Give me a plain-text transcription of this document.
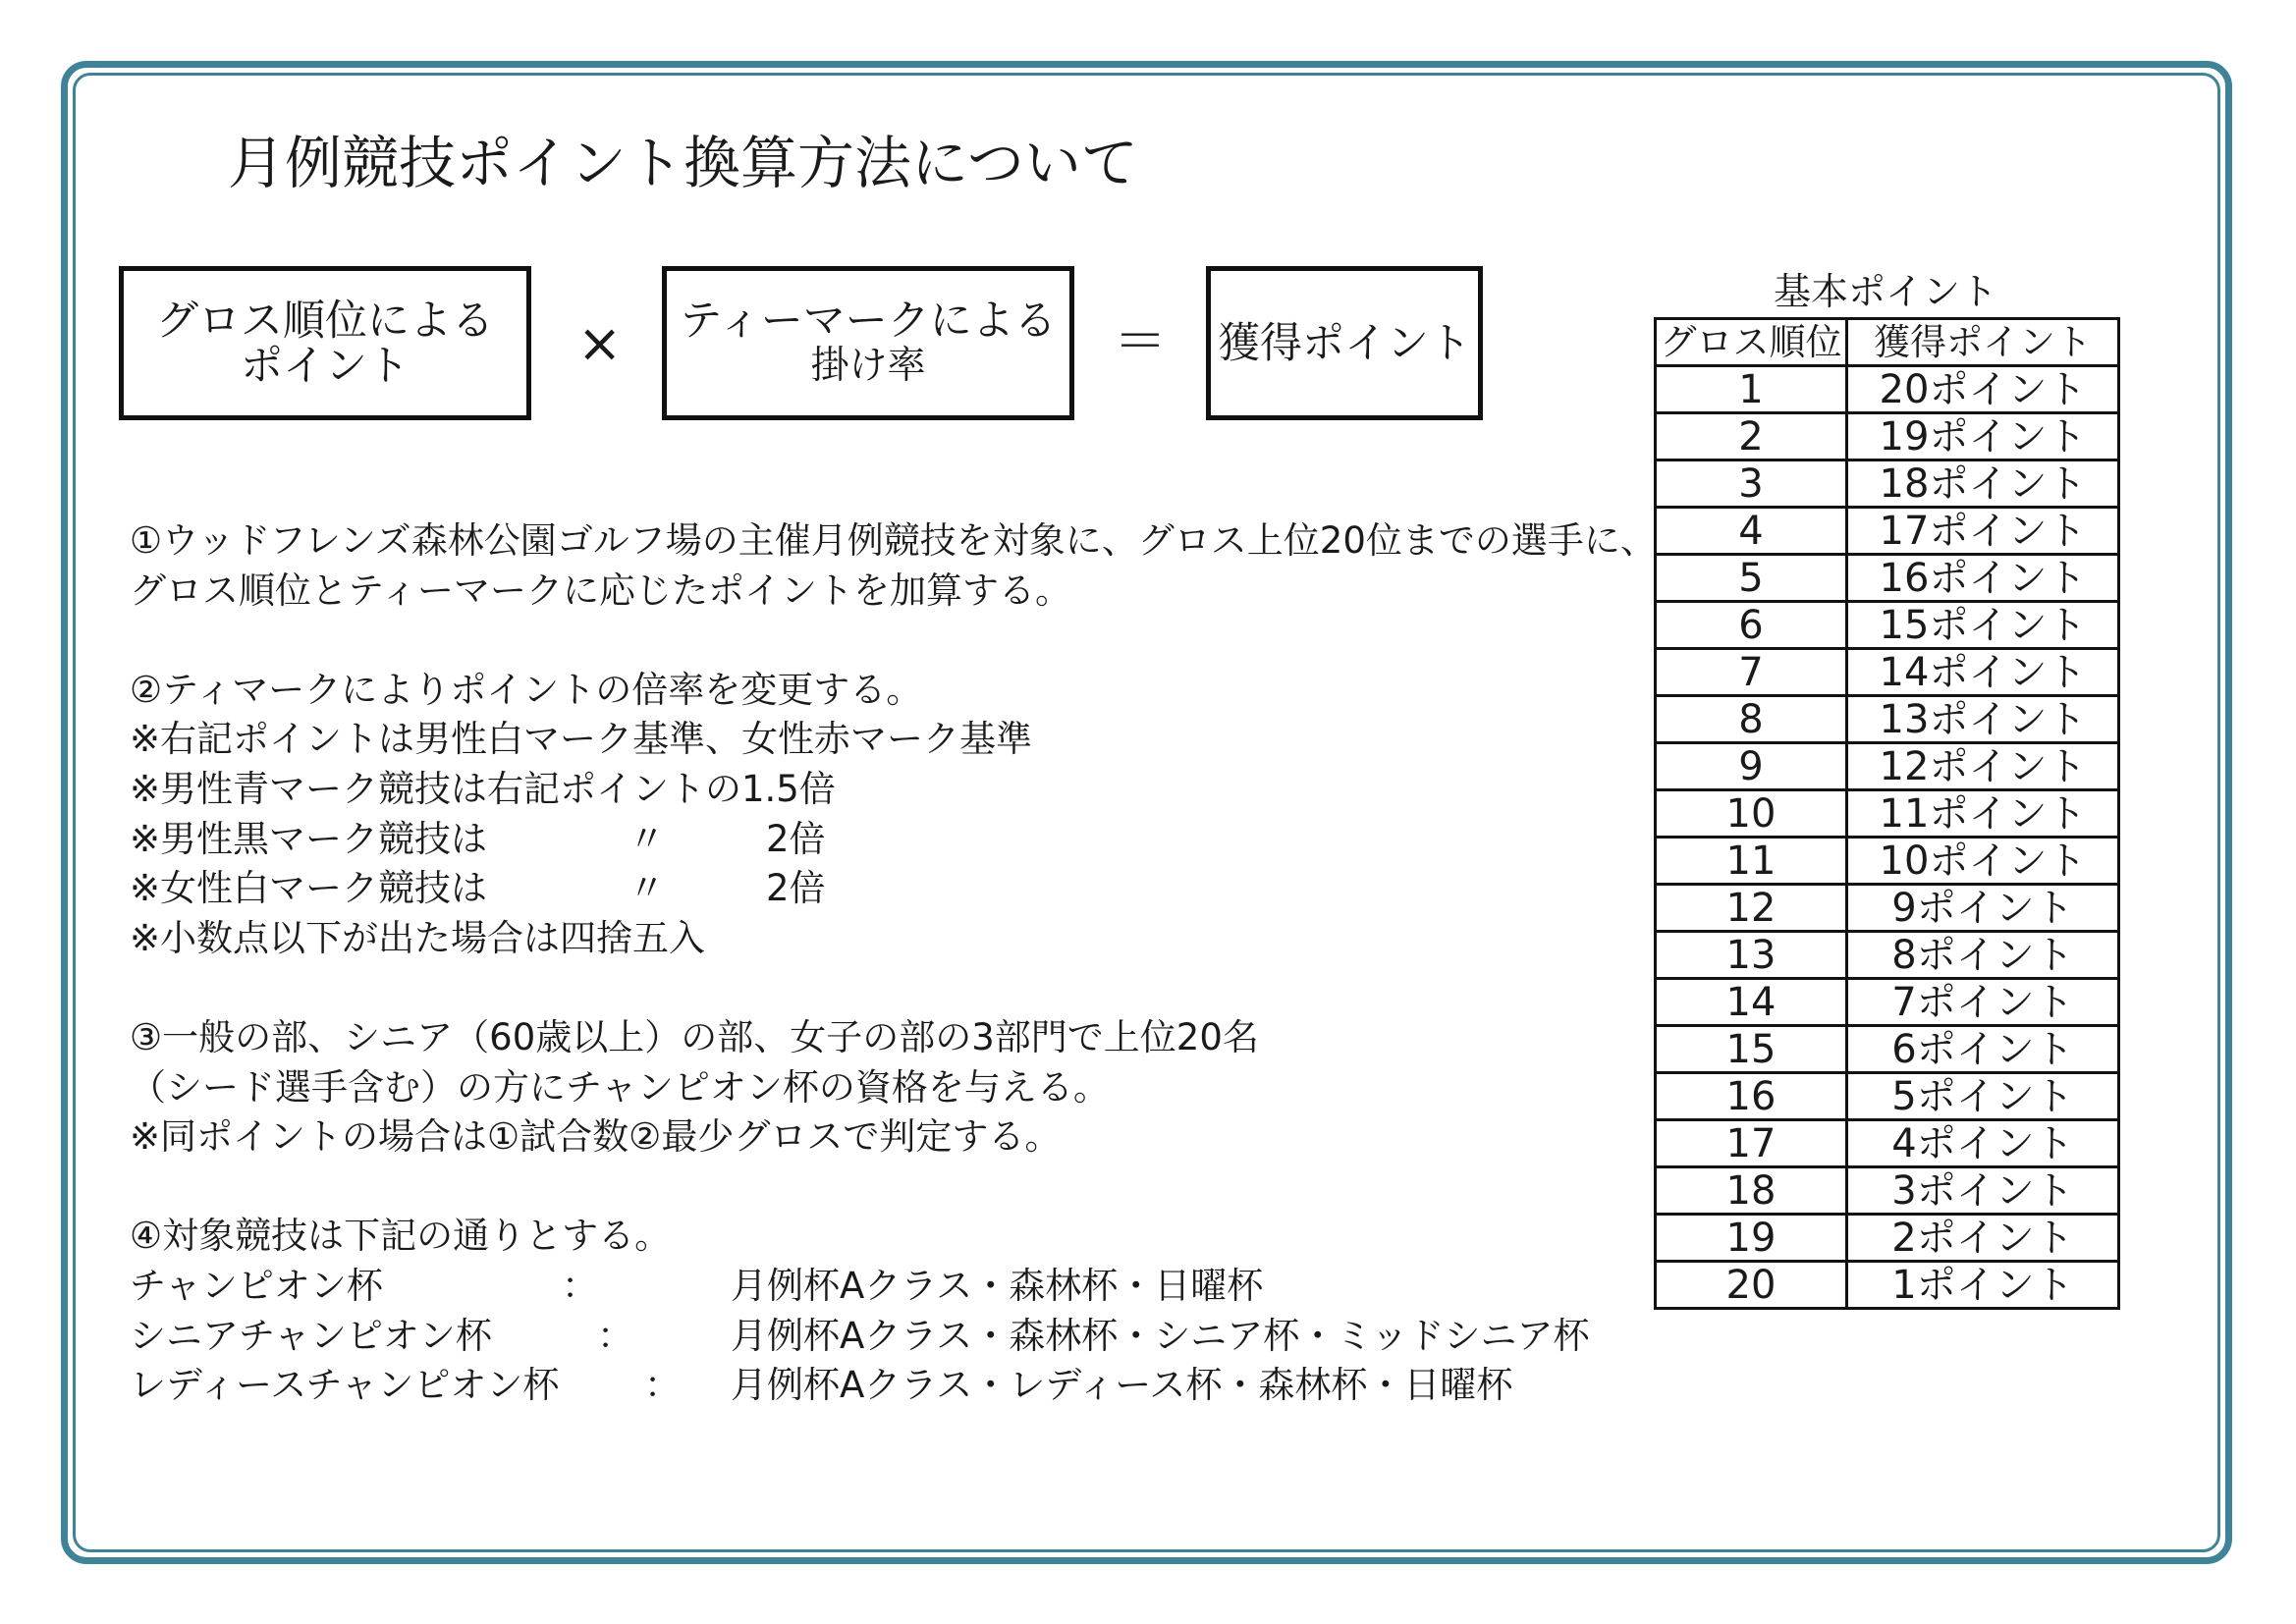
月例競技ポイント換算方法について
グロス順位による
ポイント	× ティーマークによる
掛け率	＝ 獲得ポイント
①ウッドフレンズ森林公園ゴルフ場の主催月例競技を対象に、グロス上位20位までの選手に、
グロス順位とティーマークに応じたポイントを加算する。
②ティマークによりポイントの倍率を変更する。
※右記ポイントは男性白マーク基準、女性赤マーク基準
※男性青マーク競技は右記ポイントの1.5倍
※男性黒マーク競技は	〃	2倍
※女性白マーク競技は	〃	2倍
※小数点以下が出た場合は四捨五入
③一般の部、シニア（60歳以上）の部、女子の部の3部門で上位20名
（シード選手含む）の方にチャンピオン杯の資格を与える。
※同ポイントの場合は①試合数②最少グロスで判定する。
④対象競技は下記の通りとする。
チャンピオン杯	：	月例杯Aクラス・森林杯・日曜杯
シニアチャンピオン杯	：	月例杯Aクラス・森林杯・シニア杯・ミッドシニア杯
レディースチャンピオン杯 ： 月例杯Aクラス・レディース杯・森林杯・日曜杯
基本ポイント
グロス順位	獲得ポイント
1	20ポイント
2	19ポイント
3	18ポイント
4	17ポイント
5	16ポイント
6	15ポイント
7	14ポイント
8	13ポイント
9	12ポイント
10	11ポイント
11	10ポイント
12	9ポイント
13	8ポイント
14	7ポイント
15	6ポイント
16	5ポイント
17	4ポイント
18	3ポイント
19	2ポイント
20	1ポイント
